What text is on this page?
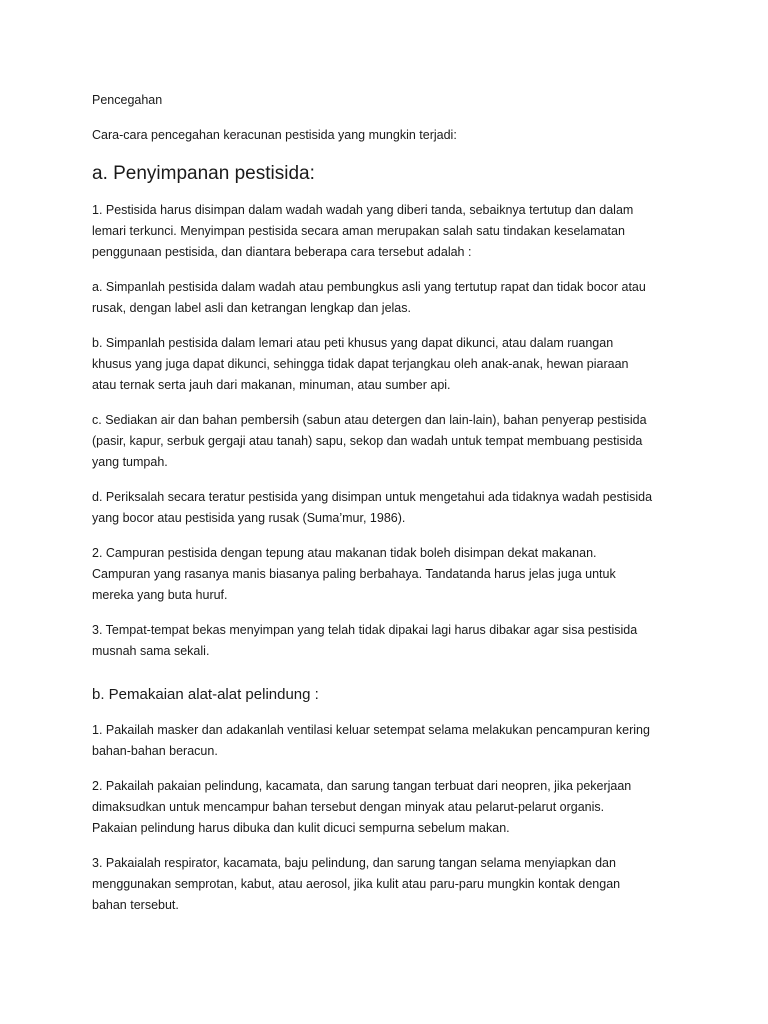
Pencegahan

Cara-cara pencegahan keracunan pestisida yang mungkin terjadi:

a. Penyimpanan pestisida:

1. Pestisida harus disimpan dalam wadah wadah yang diberi tanda, sebaiknya tertutup dan dalam
lemari terkunci. Menyimpan pestisida secara aman merupakan salah satu tindakan keselamatan
penggunaan pestisida, dan diantara beberapa cara tersebut adalah :

a. Simpanlah pestisida dalam wadah atau pembungkus asli yang tertutup rapat dan tidak bocor atau
rusak, dengan label asli dan ketrangan lengkap dan jelas.

b. Simpanlah pestisida dalam lemari atau peti khusus yang dapat dikunci, atau dalam ruangan
khusus yang juga dapat dikunci, sehingga tidak dapat terjangkau oleh anak-anak, hewan piaraan
atau ternak serta jauh dari makanan, minuman, atau sumber api.

c. Sediakan air dan bahan pembersih (sabun atau detergen dan lain-lain), bahan penyerap pestisida
(pasir, kapur, serbuk gergaji atau tanah) sapu, sekop dan wadah untuk tempat membuang pestisida
yang tumpah.

d. Periksalah secara teratur pestisida yang disimpan untuk mengetahui ada tidaknya wadah pestisida
yang bocor atau pestisida yang rusak (Suma’mur, 1986).

2. Campuran pestisida dengan tepung atau makanan tidak boleh disimpan dekat makanan.
Campuran yang rasanya manis biasanya paling berbahaya. Tandatanda harus jelas juga untuk
mereka yang buta huruf.

3. Tempat-tempat bekas menyimpan yang telah tidak dipakai lagi harus dibakar agar sisa pestisida
musnah sama sekali.

b. Pemakaian alat-alat pelindung :

1. Pakailah masker dan adakanlah ventilasi keluar setempat selama melakukan pencampuran kering
bahan-bahan beracun.

2. Pakailah pakaian pelindung, kacamata, dan sarung tangan terbuat dari neopren, jika pekerjaan
dimaksudkan untuk mencampur bahan tersebut dengan minyak atau pelarut-pelarut organis.
Pakaian pelindung harus dibuka dan kulit dicuci sempurna sebelum makan.

3. Pakaialah respirator, kacamata, baju pelindung, dan sarung tangan selama menyiapkan dan
menggunakan semprotan, kabut, atau aerosol, jika kulit atau paru-paru mungkin kontak dengan
bahan tersebut.
